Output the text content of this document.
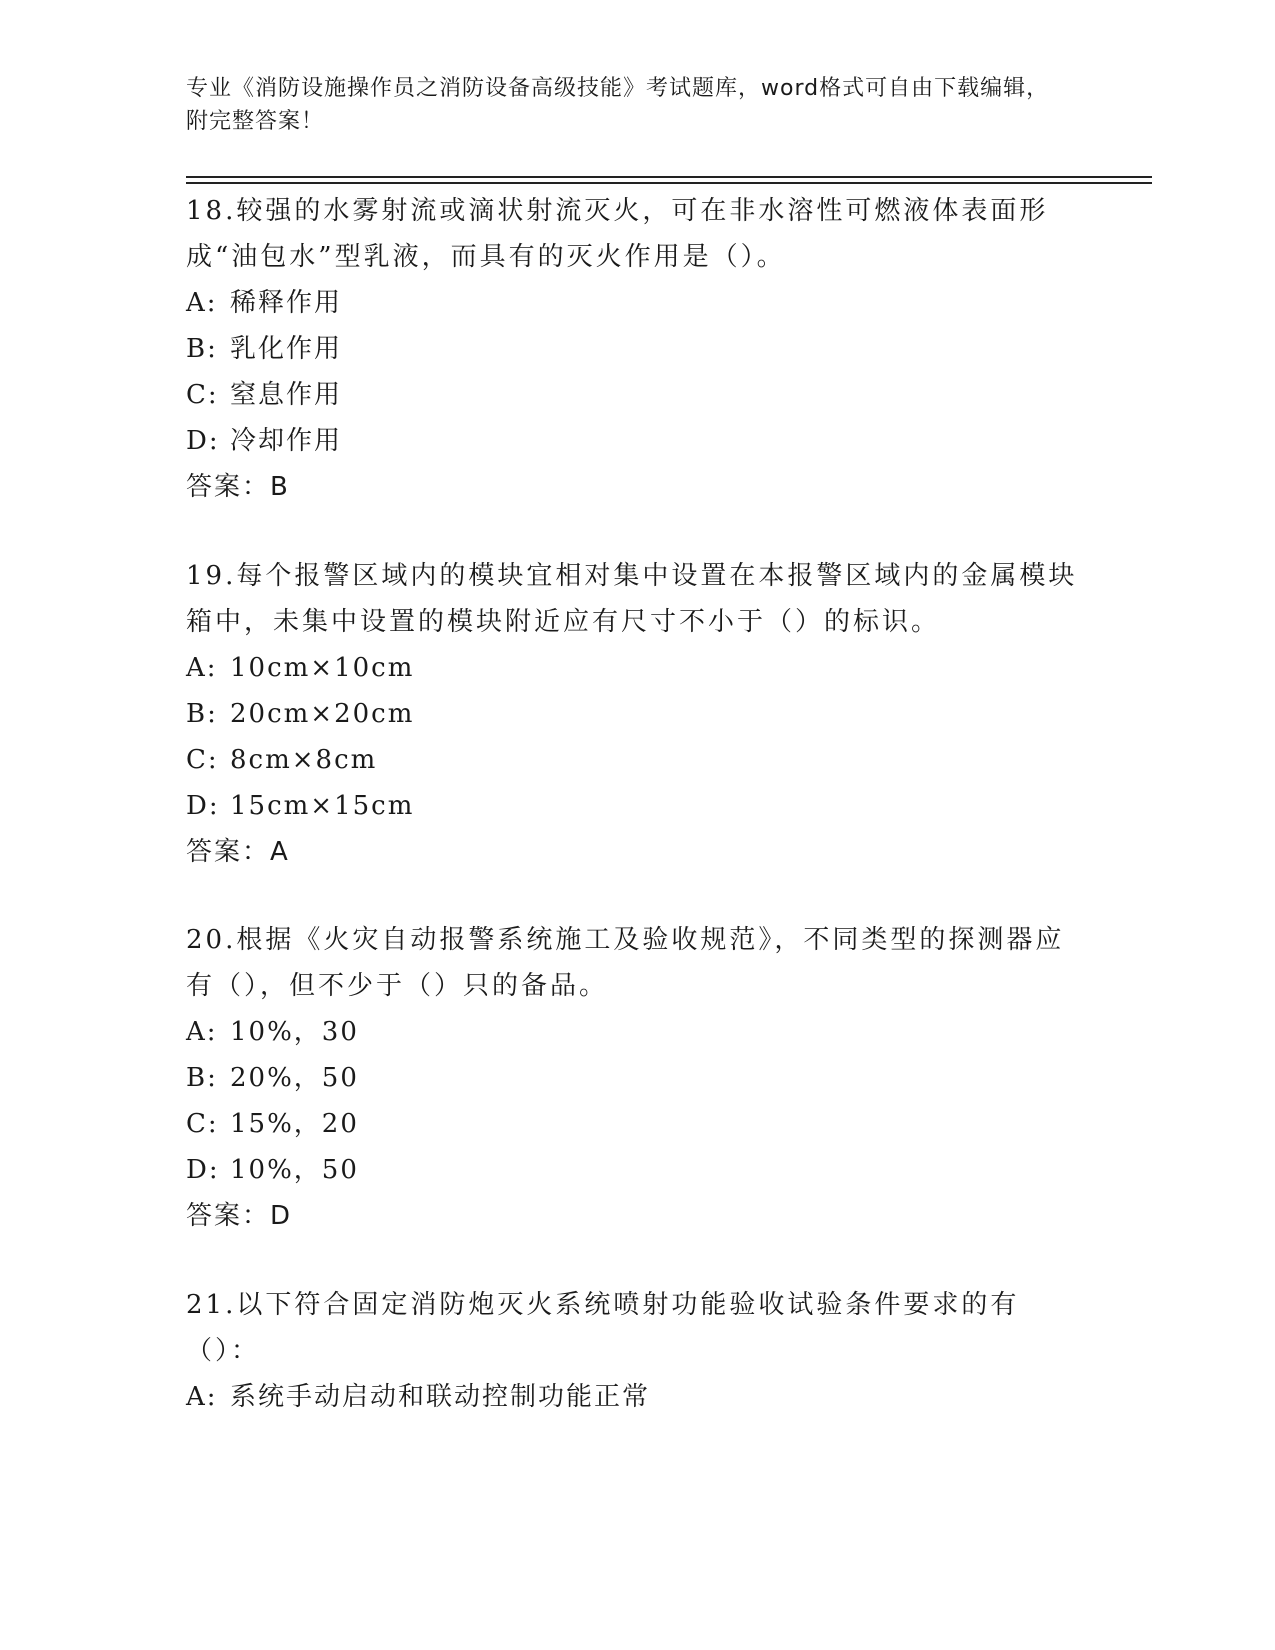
专业《消防设施操作员之消防设备高级技能》考试题库，word格式可自由下载编辑，附完整答案！

18.较强的水雾射流或滴状射流灭火，可在非水溶性可燃液体表面形成“油包水”型乳液，而具有的灭火作用是（）。

A: 稀释作用

B: 乳化作用

C: 窒息作用

D: 冷却作用

答案：B

19.每个报警区域内的模块宜相对集中设置在本报警区域内的金属模块箱中，未集中设置的模块附近应有尺寸不小于（）的标识。

A: 10cm×10cm

B: 20cm×20cm

C: 8cm×8cm

D: 15cm×15cm

答案：A

20.根据《火灾自动报警系统施工及验收规范》，不同类型的探测器应有（），但不少于（）只的备品。

A: 10%，30

B: 20%，50

C: 15%，20

D: 10%，50

答案：D

21.以下符合固定消防炮灭火系统喷射功能验收试验条件要求的有（）：

A: 系统手动启动和联动控制功能正常
